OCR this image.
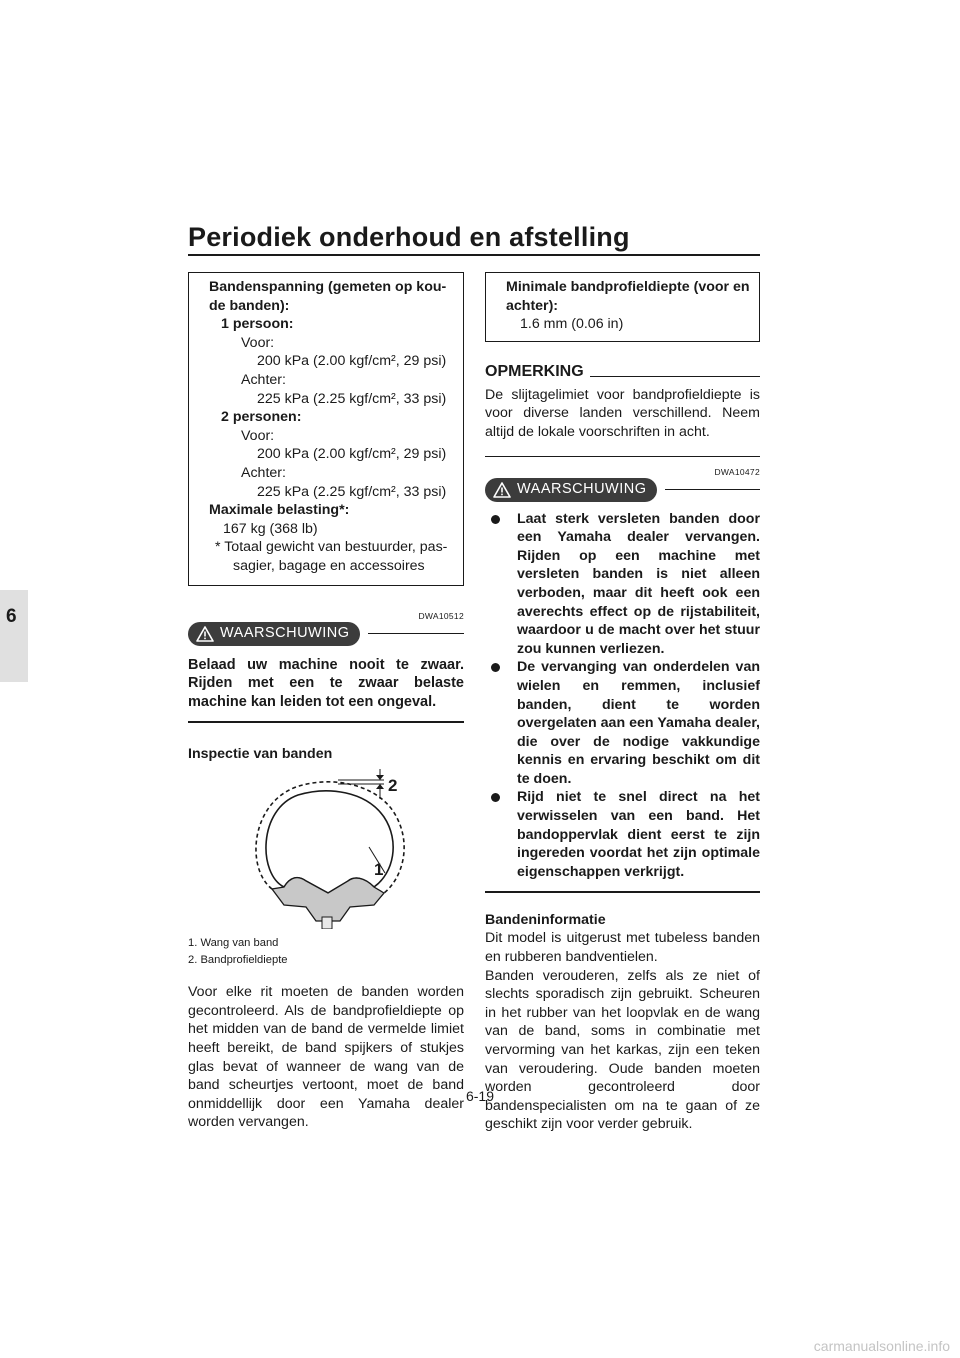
Periodiek onderhoud en afstelling
6
Bandenspanning (gemeten op kou-
de banden):
1 persoon:
Voor:
200 kPa (2.00 kgf/cm², 29 psi)
Achter:
225 kPa (2.25 kgf/cm², 33 psi)
2 personen:
Voor:
200 kPa (2.00 kgf/cm², 29 psi)
Achter:
225 kPa (2.25 kgf/cm², 33 psi)
Maximale belasting*:
167 kg (368 lb)
* Totaal gewicht van bestuurder, pas-
sagier, bagage en accessoires
DWA10512
WAARSCHUWING
Belaad uw machine nooit te zwaar. Rijden met een te zwaar belaste machine kan leiden tot een ongeval.
Inspectie van banden
2
1
1. Wang van band
2. Bandprofieldiepte
Voor elke rit moeten de banden worden gecontroleerd. Als de bandprofieldiepte op het midden van de band de vermelde limiet heeft bereikt, de band spijkers of stukjes glas bevat of wanneer de wang van de band scheurtjes vertoont, moet de band onmiddellijk door een Yamaha dealer worden vervangen.
Minimale bandprofieldiepte (voor en
achter):
1.6 mm (0.06 in)
OPMERKING
De slijtagelimiet voor bandprofieldiepte is voor diverse landen verschillend. Neem altijd de lokale voorschriften in acht.
DWA10472
WAARSCHUWING
Laat sterk versleten banden door een Yamaha dealer vervangen. Rijden op een machine met versleten banden is niet alleen verboden, maar dit heeft ook een averechts effect op de rijstabiliteit, waardoor u de macht over het stuur zou kunnen verliezen.
De vervanging van onderdelen van wielen en remmen, inclusief banden, dient te worden overgelaten aan een Yamaha dealer, die over de nodige vakkundige kennis en ervaring beschikt om dit te doen.
Rijd niet te snel direct na het verwisselen van een band. Het bandoppervlak dient eerst te zijn ingereden voordat het zijn optimale eigenschappen verkrijgt.
Bandeninformatie
Dit model is uitgerust met tubeless banden en rubberen bandventielen.
Banden verouderen, zelfs als ze niet of slechts sporadisch zijn gebruikt. Scheuren in het rubber van het loopvlak en de wang van de band, soms in combinatie met vervorming van het karkas, zijn een teken van veroudering. Oude banden moeten worden gecontroleerd door bandenspecialisten om na te gaan of ze geschikt zijn voor verder gebruik.
6-19
carmanualsonline.info
